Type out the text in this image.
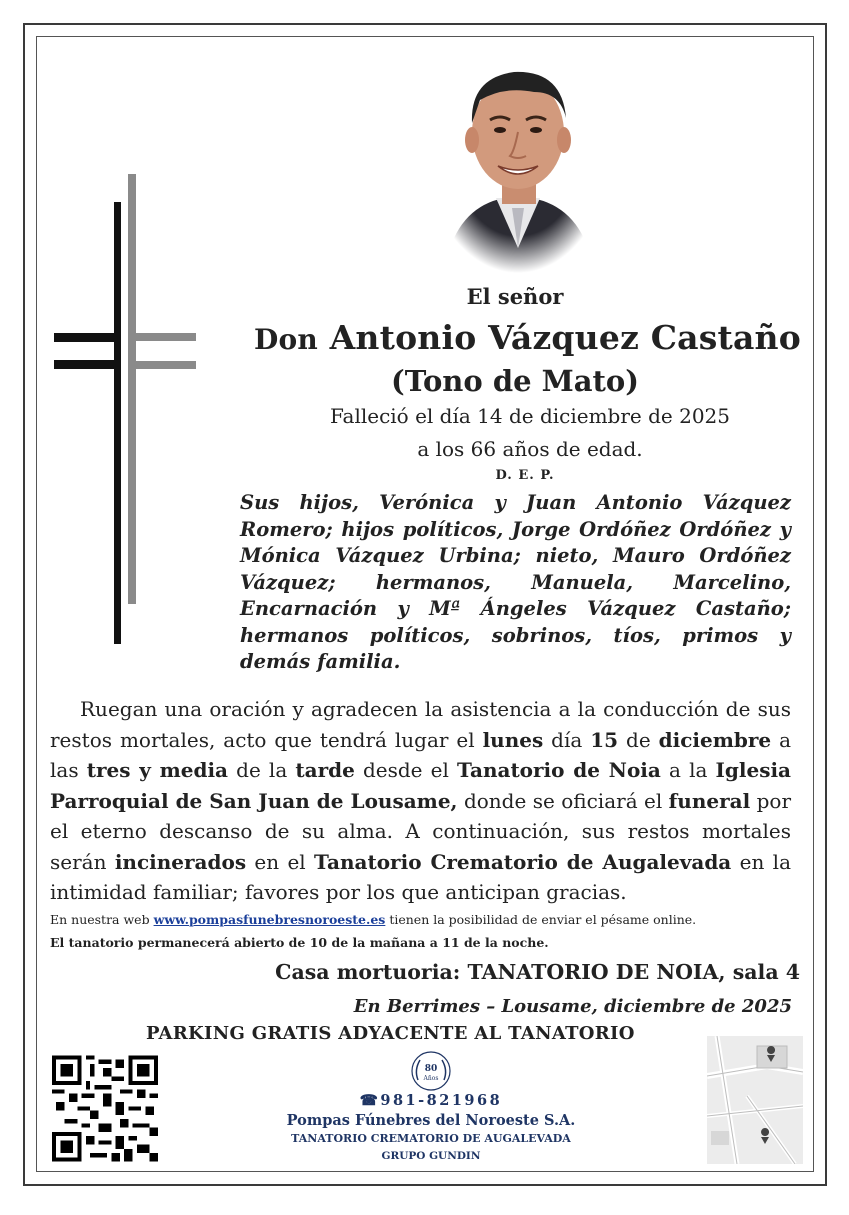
El señor
Don Antonio Vázquez Castaño
(Tono de Mato)
Falleció el día 14 de diciembre de 2025
a los 66 años de edad.
D. E. P.
Sus hijos, Verónica y Juan Antonio Vázquez Romero; hijos políticos, Jorge Ordóñez Ordóñez y Mónica Vázquez Urbina; nieto, Mauro Ordóñez Vázquez; hermanos, Manuela, Marcelino, Encarnación y Mª Ángeles Vázquez Castaño; hermanos políticos, sobrinos, tíos, primos y demás familia.

Ruegan una oración y agradecen la asistencia a la conducción de sus restos mortales, acto que tendrá lugar el lunes día 15 de diciembre a las tres y media de la tarde desde el Tanatorio de Noia a la Iglesia Parroquial de San Juan de Lousame, donde se oficiará el funeral por el eterno descanso de su alma. A continuación, sus restos mortales serán incinerados en el Tanatorio Crematorio de Augalevada en la intimidad familiar; favores por los que anticipan gracias.

En nuestra web www.pompasfunebresnoroeste.es tienen la posibilidad de enviar el pésame online.
El tanatorio permanecerá abierto de 10 de la mañana a 11 de la noche.
Casa mortuoria: TANATORIO DE NOIA, sala 4
En Berrimes – Lousame, diciembre de 2025
PARKING GRATIS ADYACENTE AL TANATORIO
80
Años
☎981-821968
Pompas Fúnebres del Noroeste S.A.
TANATORIO CREMATORIO DE AUGALEVADA
GRUPO GUNDIN
